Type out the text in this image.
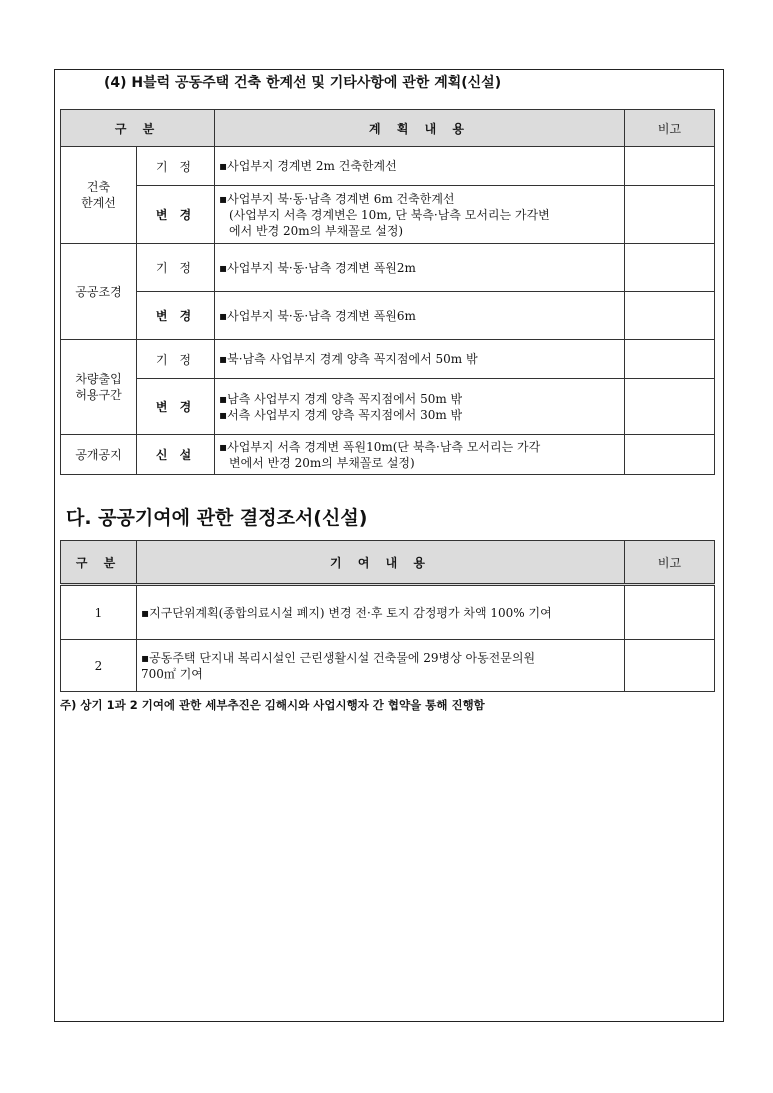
(4) H블럭 공동주택 건축 한계선 및 기타사항에 관한 계획(신설)
구 분		계 획 내 용	비고

건축
한계선	기 정	▪사업부지 경계변 2m 건축한계선	

	변 경	▪사업부지 북·동·남측 경계변 6m 건축한계선
(사업부지 서측 경계변은 10m, 단 북측·남측 모서리는 가각변
에서 반경 20m의 부채꼴로 설정)	

공공조경	기 정	▪사업부지 북·동·남측 경계변 폭원2m	

	변 경	▪사업부지 북·동·남측 경계변 폭원6m	

차량출입
허용구간	기 정	▪북·남측 사업부지 경계 양측 꼭지점에서 50m 밖	

	변 경	▪남측 사업부지 경계 양측 꼭지점에서 50m 밖
▪서측 사업부지 경계 양측 꼭지점에서 30m 밖	

공개공지	신 설	▪사업부지 서측 경계변 폭원10m(단 북측·남측 모서리는 가각
변에서 반경 20m의 부채꼴로 설정)	

다. 공공기여에 관한 결정조서(신설)
구 분	기 여 내 용	비고
1	▪지구단위계획(종합의료시설 폐지) 변경 전·후 토지 감정평가 차액 100% 기여	

2	▪공동주택 단지내 복리시설인 근린생활시설 건축물에 29병상 아동전문의원
700㎡ 기여	

주) 상기 1과 2 기여에 관한 세부추진은 김해시와 사업시행자 간 협약을 통해 진행함
